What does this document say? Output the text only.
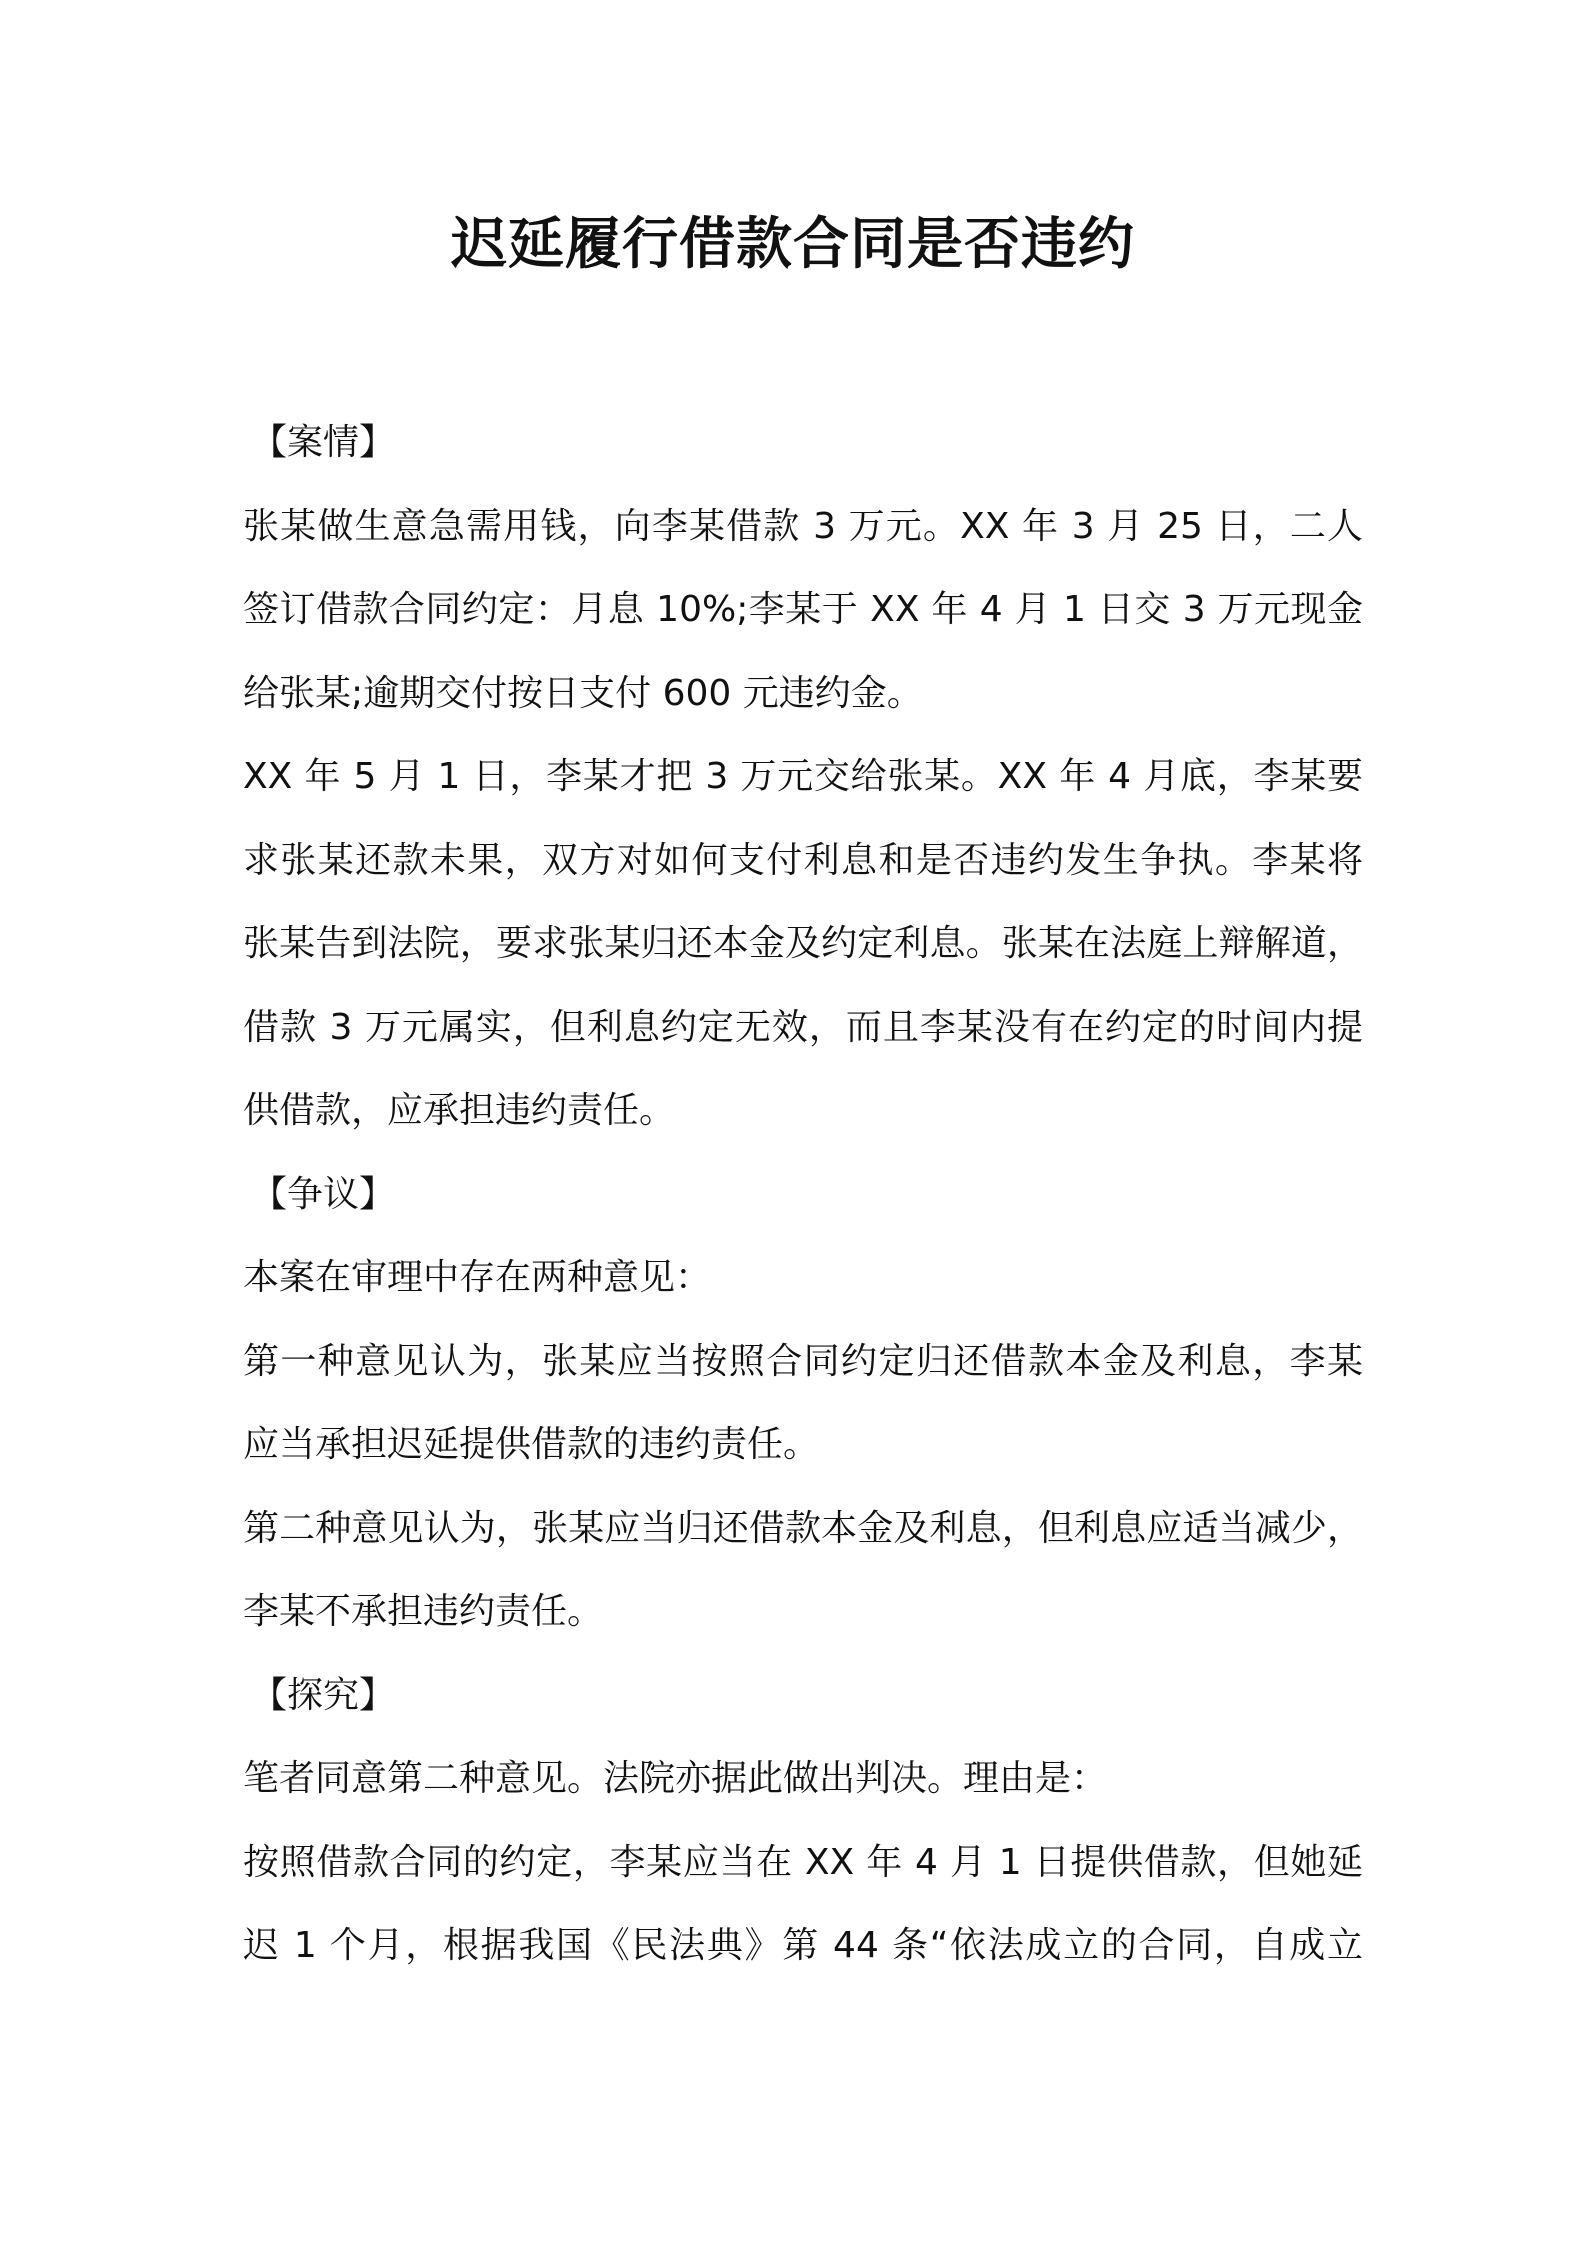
迟延履行借款合同是否违约

【案情】

张某做生意急需用钱，向李某借款 3 万元。XX 年 3 月 25 日，二人

签订借款合同约定：月息 10%;李某于 XX 年 4 月 1 日交 3 万元现金

给张某;逾期交付按日支付 600 元违约金。

XX 年 5 月 1 日，李某才把 3 万元交给张某。XX 年 4 月底，李某要

求张某还款未果，双方对如何支付利息和是否违约发生争执。李某将

张某告到法院，要求张某归还本金及约定利息。张某在法庭上辩解道，

借款 3 万元属实，但利息约定无效，而且李某没有在约定的时间内提

供借款，应承担违约责任。

【争议】

本案在审理中存在两种意见：

第一种意见认为，张某应当按照合同约定归还借款本金及利息，李某

应当承担迟延提供借款的违约责任。

第二种意见认为，张某应当归还借款本金及利息，但利息应适当减少，

李某不承担违约责任。

【探究】

笔者同意第二种意见。法院亦据此做出判决。理由是：

按照借款合同的约定，李某应当在 XX 年 4 月 1 日提供借款，但她延

迟 1 个月，根据我国《民法典》第 44 条“依法成立的合同，自成立
